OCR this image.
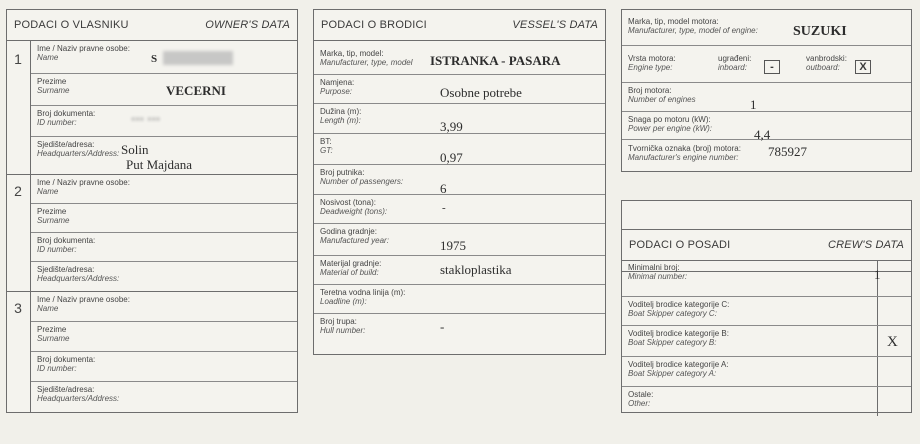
PODACI O VLASNIKU	OWNER'S DATA
1
Ime / Naziv pravne osobe:
Name	S
Prezime
Surname	VECERNI
Broj dokumenta:
ID number:	··· ···
Sjedište/adresa:
Headquarters/Address: Solin
Put Majdana
2
Ime / Naziv pravne osobe:
Name
Prezime
Surname
Broj dokumenta:
ID number:
Sjedište/adresa:
Headquarters/Address:
3
Ime / Naziv pravne osobe:
Name
Prezime
Surname
Broj dokumenta:
ID number:
Sjedište/adresa:
Headquarters/Address:
PODACI O BRODICI	VESSEL'S DATA
Marka, tip, model:
Manufacturer, type, model ISTRANKA - PASARA
Namjena:
Purpose:	Osobne potrebe
Dužina (m):
Length (m):	3,99
BT:
GT:	0,97
Broj putnika:
Number of passengers:	6
Nosivost (tona):
Deadweight (tons):	-
Godina gradnje:
Manufactured year:	1975
Materijal gradnje:
Material of build:	stakloplastika
Teretna vodna linija (m):
Loadline (m):
Broj trupa:
Hull number:	-
Marka, tip, model motora:
Manufacturer, type, model of engine:	SUZUKI
Vrsta motora:
Engine type:
ugrađeni:
inboard:	-
vanbrodski:
outboard:	X
Broj motora:
Number of engines	1
Snaga po motoru (kW):
Power per engine (kW):	4,4
Tvornička oznaka (broj) motora:
Manufacturer's engine number: 785927
PODACI O POSADI	CREW'S DATA
Minimalni broj:
Minimal number:	1
Voditelj brodice kategorije C:
Boat Skipper category C:
Voditelj brodice kategorije B:
Boat Skipper category B:	X
Voditelj brodice kategorije A:
Boat Skipper category A:
Ostale:
Other:
